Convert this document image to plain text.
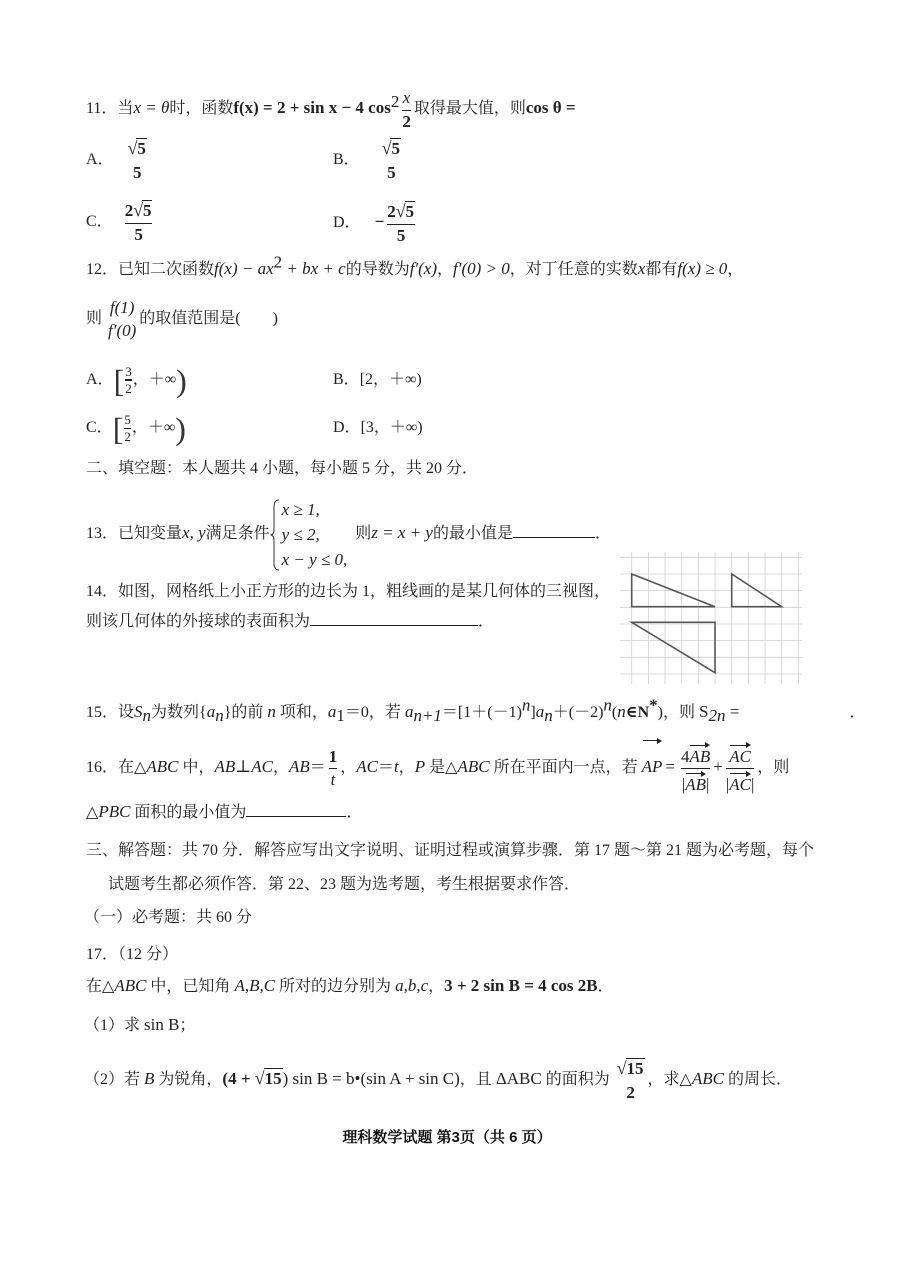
11．当x = θ时，函数f(x) = 2 + sin x − 4 $\cos^2 \frac{x}{2}$ 取得最大值，则cos θ =
A．
√5
5
B．
√5
5
C． $\frac{2√5}{5}$	D． − $\frac{2√5}{5}$
12．已知二次函数$f(x) - ax^2$ + bx + c的导数为f′(x)，f′(0) > 0，对丁任意的实数x都有f(x) ≥ 0，
则
f(1)
f′(0)
的取值范围是(　　)
A．[ $\frac{3}{2}$ ，＋∞)	B．[2，＋∞)
C．[ $\frac{5}{2}$ ，＋∞)	D．[3，＋∞)
二、填空题：本人题共 4 小题，每小题 5 分，共 20 分．
13．已知变量x, y满足条件
x ≥ 1,
y ≤ 2,
x − y ≤ 0,
则z = x + y的最小值是	．
14．如图，网格纸上小正方形的边长为 1，粗线画的是某几何体的三视图，
则该几何体的外接球的表面积为	．
15．设$S_n$为数列$\{a_n\}$的前 n 项和，$a_1=0$，若 $a_{n+1}=[1+(-1)^n]a_n+(-2)^n(n\in N^*)$，则 $S_{2n}$ =	．
16．在△ABC 中，AB⊥AC，$AB= \frac{1}{t}$ ，AC＝t，P 是△ABC 所在平面内一点，若 AP = $\frac{4AB}{|AB|} + \frac{AC}{|AC|}$ ，则
△PBC 面积的最小值为	．
三、解答题：共 70 分．解答应写出文字说明、证明过程或演算步骤．第 17 题～第 21 题为必考题，每个
试题考生都必须作答．第 22、23 题为选考题，考生根据要求作答．
（一）必考题：共 60 分
17．（12 分）
在△ABC 中，已知角 A,B,C 所对的边分别为 a,b,c，3 + 2 sin B = 4 cos 2B．
（1）求 sin B；
（2）若 B 为锐角，(4 + √15) sin B = b•(sin A + sin C)，且 ΔABC 的面积为
√15
2
，求△ABC 的周长．
理科数学试题 第3页（共 6 页）
